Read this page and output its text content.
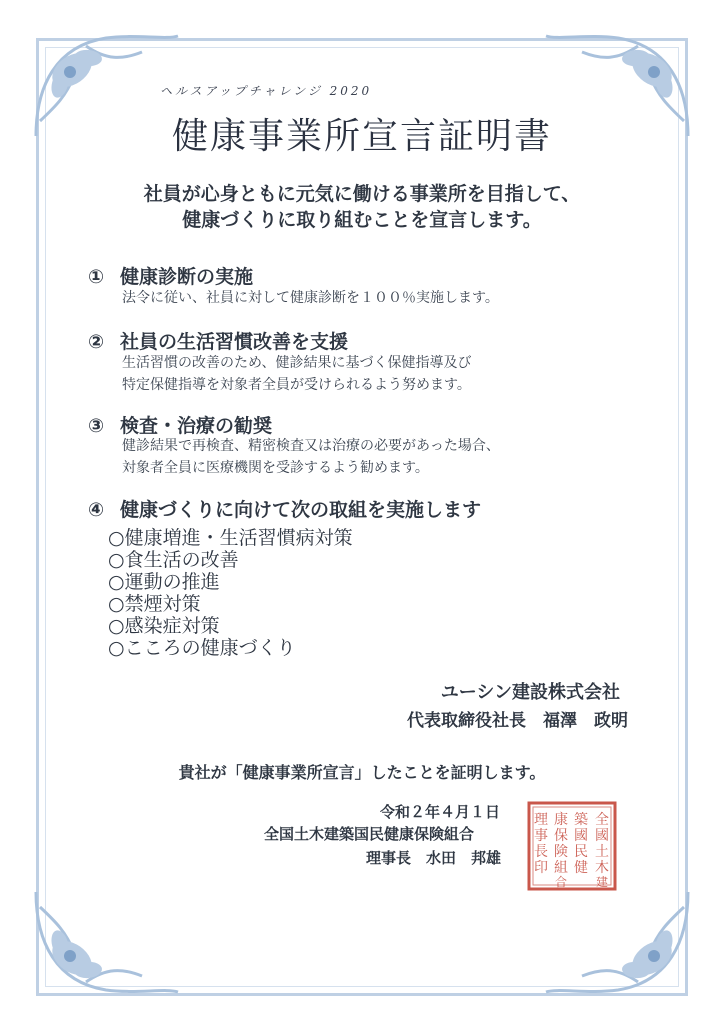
ヘルスアップチャレンジ 2020
健康事業所宣言証明書
社員が心身ともに元気に働ける事業所を目指して、
健康づくりに取り組むことを宣言します。
① 健康診断の実施
法令に従い、社員に対して健康診断を１００％実施します。
② 社員の生活習慣改善を支援
生活習慣の改善のため、健診結果に基づく保健指導及び
特定保健指導を対象者全員が受けられるよう努めます。
③ 検査・治療の勧奨
健診結果で再検査、精密検査又は治療の必要があった場合、
対象者全員に医療機関を受診するよう勧めます。
④ 健康づくりに向けて次の取組を実施します
○健康増進・生活習慣病対策
○食生活の改善
○運動の推進
○禁煙対策
○感染症対策
○こころの健康づくり
ユーシン建設株式会社
代表取締役社長　福澤　政明
貴社が「健康事業所宣言」したことを証明します。
令和２年４月１日
全国土木建築国民健康保険組合
理事長　水田　邦雄
全
國
土
木
建
築
國
民
健
康
保
険
組
合
理
事
長
印
